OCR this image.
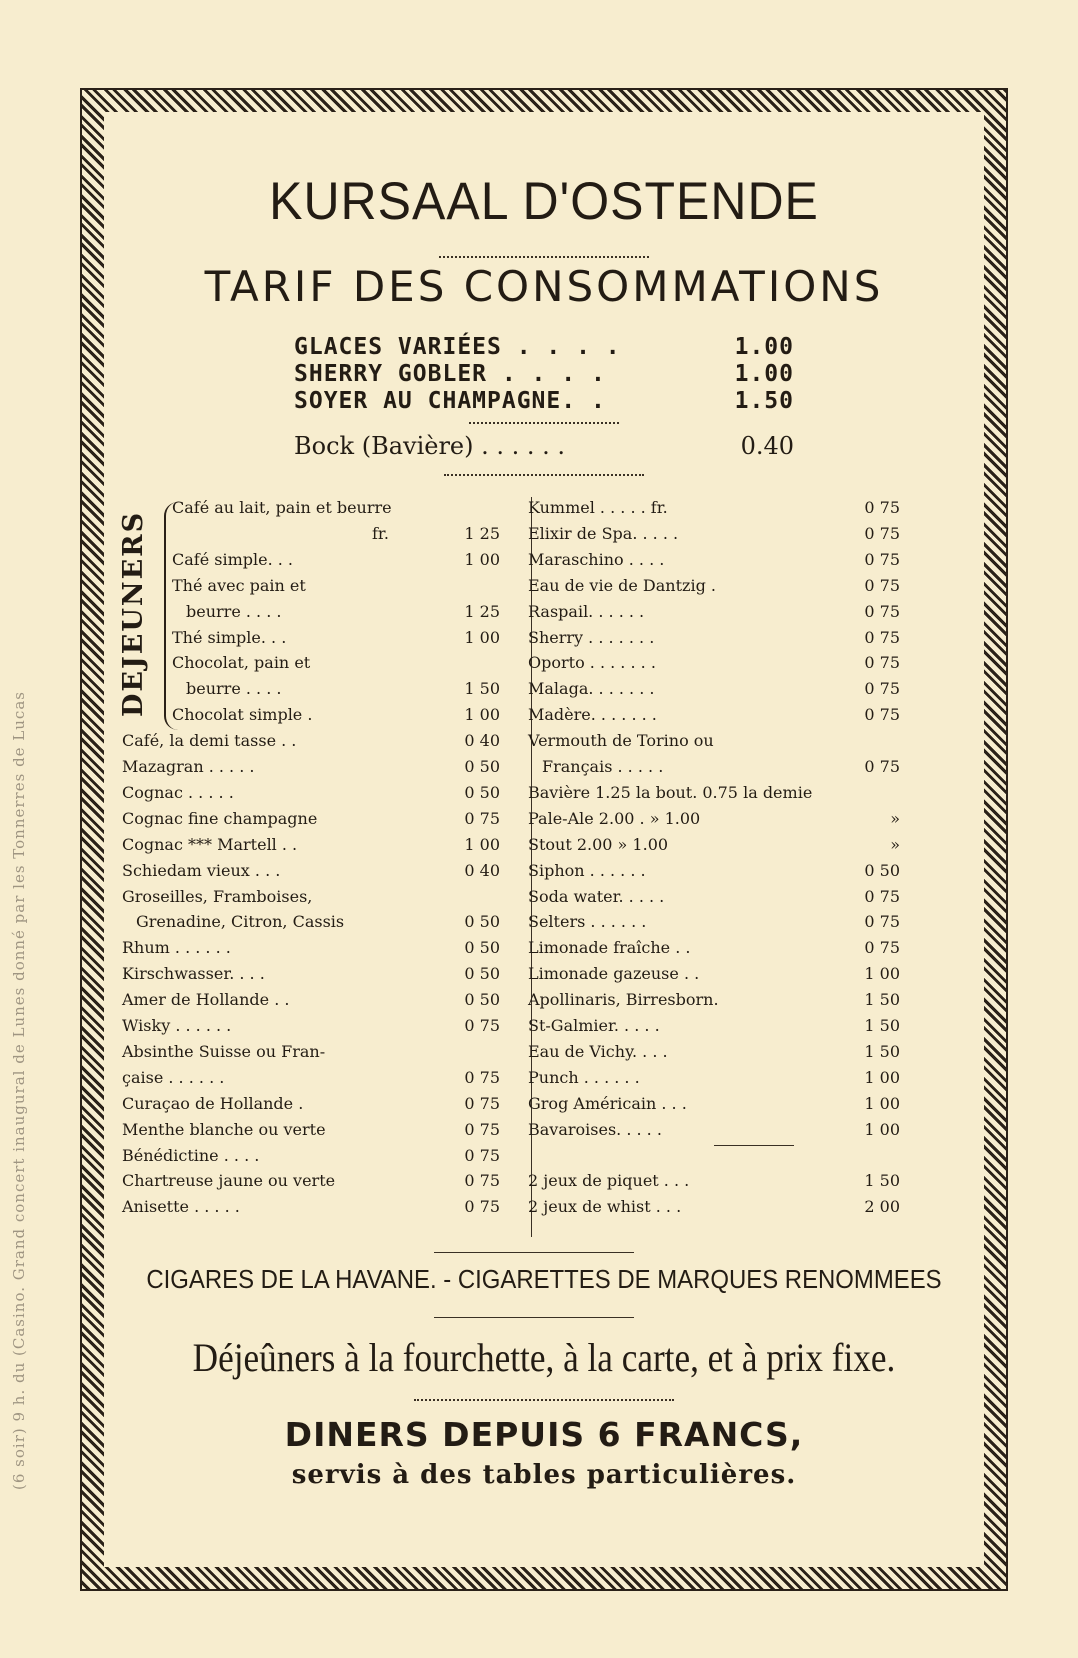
(6 soir) 9 h. du (Casino. Grand concert inaugural de Lunes donné par les Tonnerres de Lucas
KURSAAL D'OSTENDE
TARIF DES CONSOMMATIONS
GLACES VARIÉES . . . .	1.00
SHERRY GOBLER . . . .	1.00
SOYER AU CHAMPAGNE. .	1.50
Bock (Bavière) . . . . . .	0.40
DEJEUNERS
Café au lait, pain et beurre
fr.	1 25
Café simple. . .	1 00
Thé avec pain et
beurre . . . .	1 25
Thé simple. . .	1 00
Chocolat, pain et
beurre . . . .	1 50
Chocolat simple .	1 00
Café, la demi tasse . .	0 40
Mazagran . . . . .	0 50
Cognac . . . . .	0 50
Cognac fine champagne	0 75
Cognac *** Martell . .	1 00
Schiedam vieux . . .	0 40
Groseilles, Framboises,
Grenadine, Citron, Cassis	0 50
Rhum . . . . . .	0 50
Kirschwasser. . . .	0 50
Amer de Hollande . .	0 50
Wisky . . . . . .	0 75
Absinthe Suisse ou Fran-
çaise . . . . . .	0 75
Curaçao de Hollande .	0 75
Menthe blanche ou verte	0 75
Bénédictine . . . .	0 75
Chartreuse jaune ou verte	0 75
Anisette . . . . .	0 75
Kummel . . . . . fr.	0 75
Elixir de Spa. . . . .	0 75
Maraschino . . . .	0 75
Eau de vie de Dantzig .	0 75
Raspail. . . . . .	0 75
Sherry . . . . . . .	0 75
Oporto . . . . . . .	0 75
Malaga. . . . . . .	0 75
Madère. . . . . . .	0 75
Vermouth de Torino ou
Français . . . . .	0 75
Bavière 1.25 la bout. 0.75 la demie
Pale-Ale 2.00 . » 1.00	»
Stout 2.00 » 1.00	»
Siphon . . . . . .	0 50
Soda water. . . . .	0 75
Selters . . . . . .	0 75
Limonade fraîche . .	0 75
Limonade gazeuse . .	1 00
Apollinaris, Birresborn.	1 50
St-Galmier. . . . .	1 50
Eau de Vichy. . . .	1 50
Punch . . . . . .	1 00
Grog Américain . . .	1 00
Bavaroises. . . . .	1 00
2 jeux de piquet . . .	1 50
2 jeux de whist . . .	2 00
CIGARES DE LA HAVANE. - CIGARETTES DE MARQUES RENOMMEES
Déjeûners à la fourchette, à la carte, et à prix fixe.
DINERS DEPUIS 6 FRANCS,
servis à des tables particulières.
